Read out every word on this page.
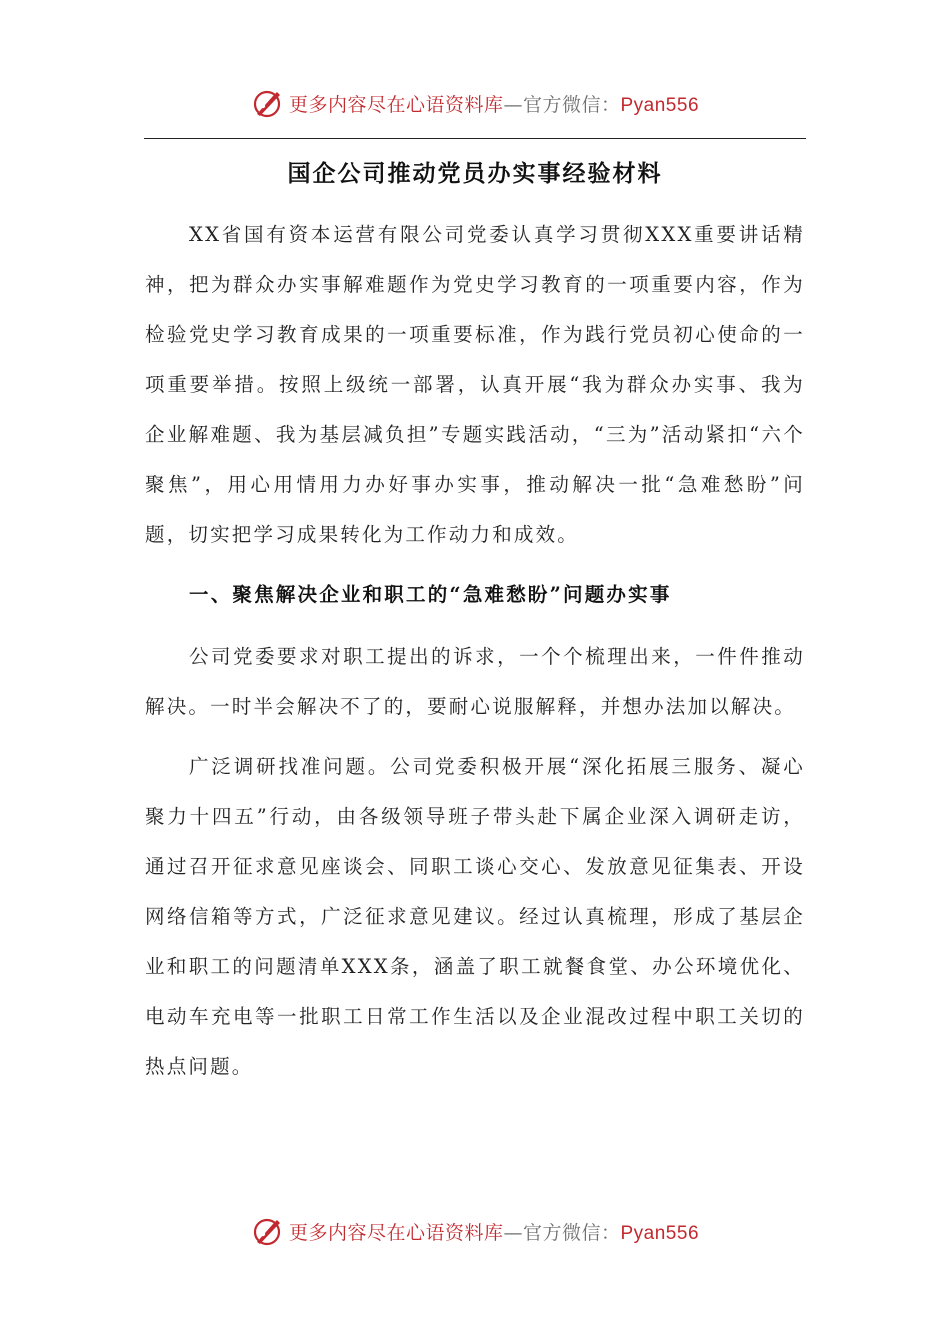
更多内容尽在心语资料库—官方微信：Pyan556
国企公司推动党员办实事经验材料

XX省国有资本运营有限公司党委认真学习贯彻XXX重要讲话精神，把为群众办实事解难题作为党史学习教育的一项重要内容，作为检验党史学习教育成果的一项重要标准，作为践行党员初心使命的一项重要举措。按照上级统一部署，认真开展“我为群众办实事、我为企业解难题、我为基层减负担”专题实践活动，“三为”活动紧扣“六个聚焦”，用心用情用力办好事办实事，推动解决一批“急难愁盼”问题，切实把学习成果转化为工作动力和成效。

一、聚焦解决企业和职工的“急难愁盼”问题办实事

公司党委要求对职工提出的诉求，一个个梳理出来，一件件推动解决。一时半会解决不了的，要耐心说服解释，并想办法加以解决。

广泛调研找准问题。公司党委积极开展“深化拓展三服务、凝心聚力十四五”行动，由各级领导班子带头赴下属企业深入调研走访，通过召开征求意见座谈会、同职工谈心交心、发放意见征集表、开设网络信箱等方式，广泛征求意见建议。经过认真梳理，形成了基层企业和职工的问题清单XXX条，涵盖了职工就餐食堂、办公环境优化、电动车充电等一批职工日常工作生活以及企业混改过程中职工关切的热点问题。

更多内容尽在心语资料库—官方微信：Pyan556
